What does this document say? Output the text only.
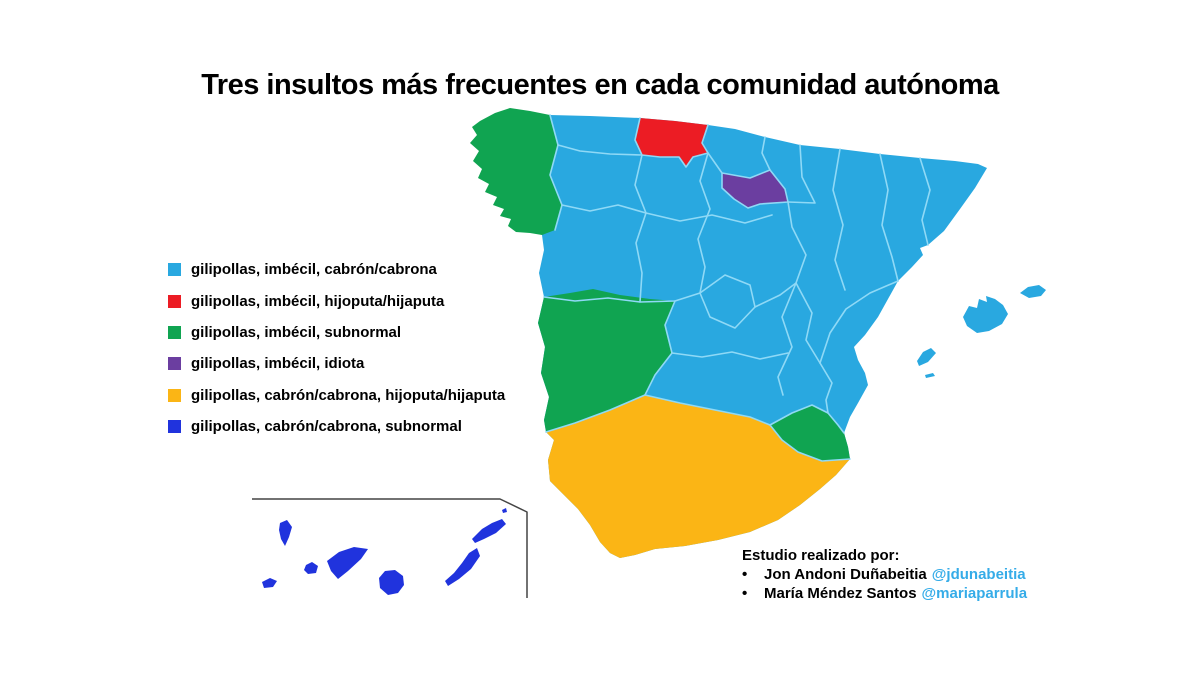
Tres insultos más frecuentes en cada comunidad autónoma
gilipollas, imbécil, cabrón/cabrona
gilipollas, imbécil, hijoputa/hijaputa
gilipollas, imbécil, subnormal
gilipollas, imbécil, idiota
gilipollas, cabrón/cabrona, hijoputa/hijaputa
gilipollas, cabrón/cabrona, subnormal
Estudio realizado por:
•	Jon Andoni Duñabeitia @jdunabeitia
•	María Méndez Santos @mariaparrula
